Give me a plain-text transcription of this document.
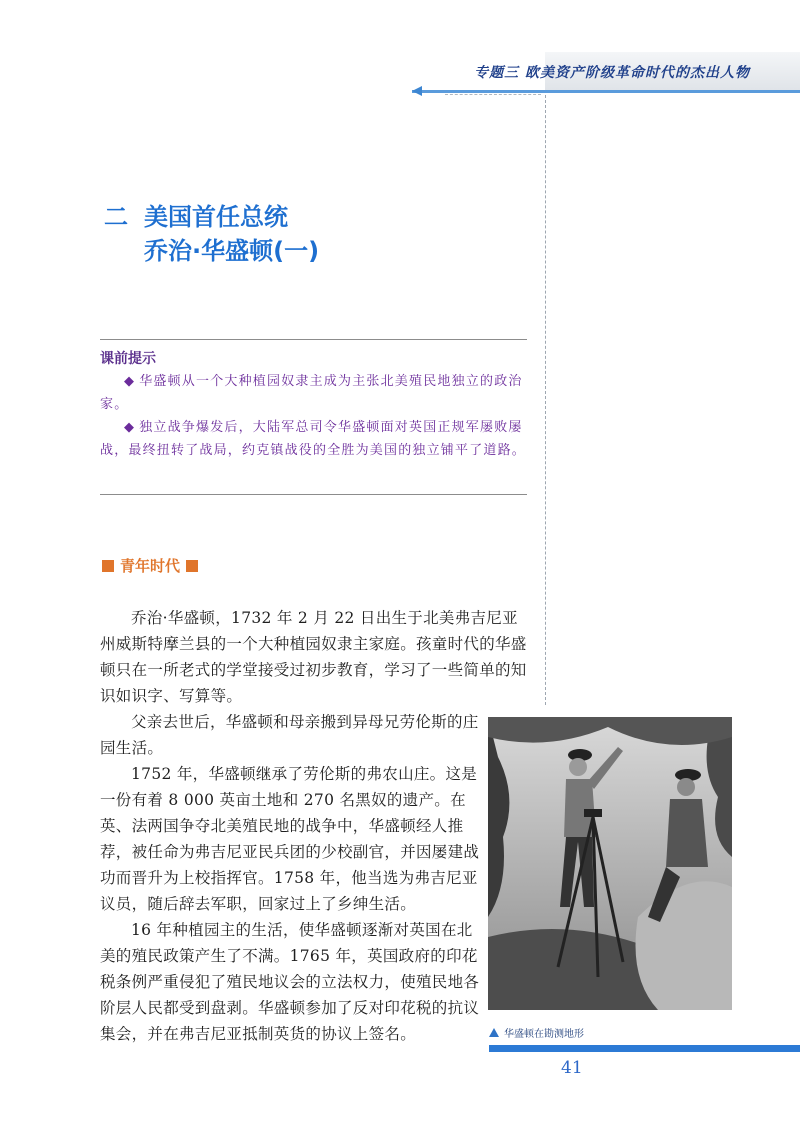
专题三 欧美资产阶级革命时代的杰出人物
二 美国首任总统
乔治·华盛顿(一)
课前提示
◆ 华盛顿从一个大种植园奴隶主成为主张北美殖民地独立的政治家。
◆ 独立战争爆发后，大陆军总司令华盛顿面对英国正规军屡败屡战，最终扭转了战局，约克镇战役的全胜为美国的独立铺平了道路。
青年时代
乔治·华盛顿，1732 年 2 月 22 日出生于北美弗吉尼亚州威斯特摩兰县的一个大种植园奴隶主家庭。孩童时代的华盛顿只在一所老式的学堂接受过初步教育，学习了一些简单的知识如识字、写算等。
父亲去世后，华盛顿和母亲搬到异母兄劳伦斯的庄园生活。
1752 年，华盛顿继承了劳伦斯的弗农山庄。这是一份有着 8 000 英亩土地和 270 名黑奴的遗产。在英、法两国争夺北美殖民地的战争中，华盛顿经人推荐，被任命为弗吉尼亚民兵团的少校副官，并因屡建战功而晋升为上校指挥官。1758 年，他当选为弗吉尼亚议员，随后辞去军职，回家过上了乡绅生活。
16 年种植园主的生活，使华盛顿逐渐对英国在北美的殖民政策产生了不满。1765 年，英国政府的印花税条例严重侵犯了殖民地议会的立法权力，使殖民地各阶层人民都受到盘剥。华盛顿参加了反对印花税的抗议集会，并在弗吉尼亚抵制英货的协议上签名。	华盛顿在勘测地形
41
